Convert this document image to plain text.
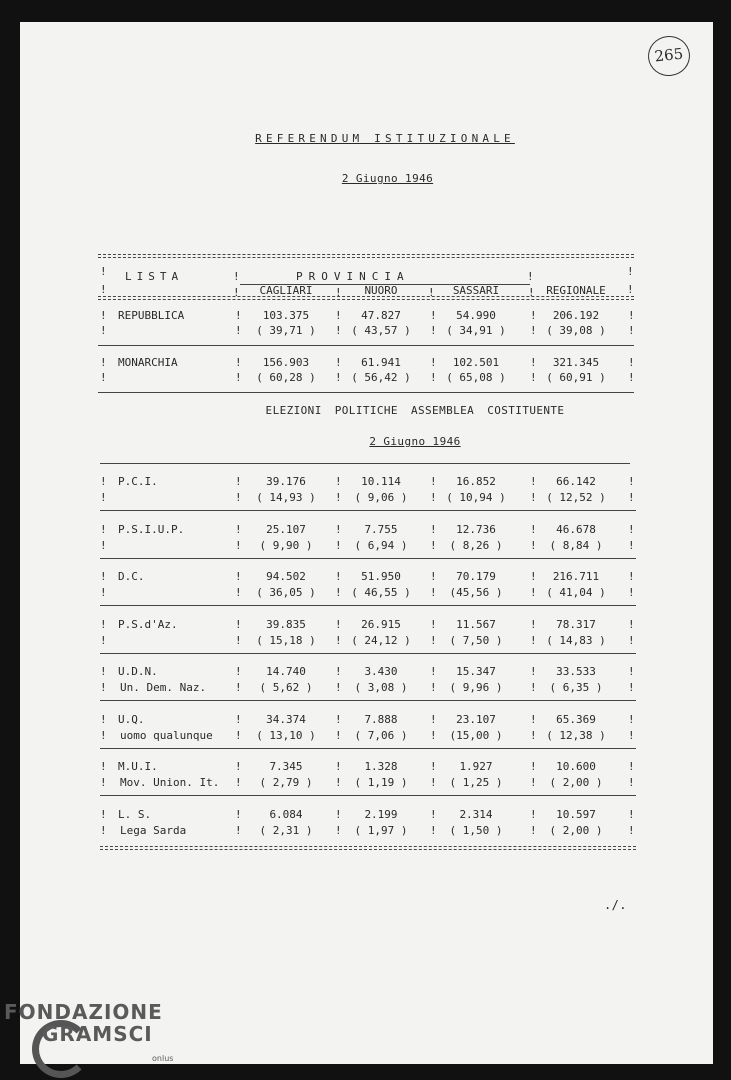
265
REFERENDUM ISTITUZIONALE
2 Giugno 1946
LISTA	PROVINCIA
CAGLIARI	NUORO	SASSARI	REGIONALE
!	!	!	!
!	!	!	!	!	!
REPUBBLICA	103.375	47.827	54.990	206.192
( 39,71 )	( 43,57 )	( 34,91 )	( 39,08 )
!	!	!	!	!	!
!	!	!	!	!	!
MONARCHIA	156.903	61.941	102.501	321.345
( 60,28 )	( 56,42 )	( 65,08 )	( 60,91 )
!	!	!	!	!	!
!	!	!	!	!	!
ELEZIONI POLITICHE ASSEMBLEA COSTITUENTE
2 Giugno 1946
P.C.I.	39.176	10.114	16.852	66.142
( 14,93 )	( 9,06 )	( 10,94 )	( 12,52 )
!	!	!	!	!	!
!	!	!	!	!	!
P.S.I.U.P.	25.107	7.755	12.736	46.678
( 9,90 )	( 6,94 )	( 8,26 )	( 8,84 )
!	!	!	!	!	!
!	!	!	!	!	!
D.C.	94.502	51.950	70.179	216.711
( 36,05 )	( 46,55 )	(45,56 )	( 41,04 )
!	!	!	!	!	!
!	!	!	!	!	!
P.S.d'Az.	39.835	26.915	11.567	78.317
( 15,18 )	( 24,12 )	( 7,50 )	( 14,83 )
!	!	!	!	!	!
!	!	!	!	!	!
U.D.N.
Un. Dem. Naz.
14.740	3.430	15.347	33.533
( 5,62 )	( 3,08 )	( 9,96 )	( 6,35 )
!	!	!	!	!	!
!	!	!	!	!	!
U.Q.
uomo qualunque
34.374	7.888	23.107	65.369
( 13,10 )	( 7,06 )	(15,00 )	( 12,38 )
!	!	!	!	!	!
!	!	!	!	!	!
M.U.I.
Mov. Union. It.
7.345	1.328	1.927	10.600
( 2,79 )	( 1,19 )	( 1,25 )	( 2,00 )
!	!	!	!	!	!
!	!	!	!	!	!
L. S.
Lega Sarda
6.084	2.199	2.314	10.597
( 2,31 )	( 1,97 )	( 1,50 )	( 2,00 )
!	!	!	!	!	!
!	!	!	!	!	!
./.
FONDAZIONE
GRAMSCI
onlus
